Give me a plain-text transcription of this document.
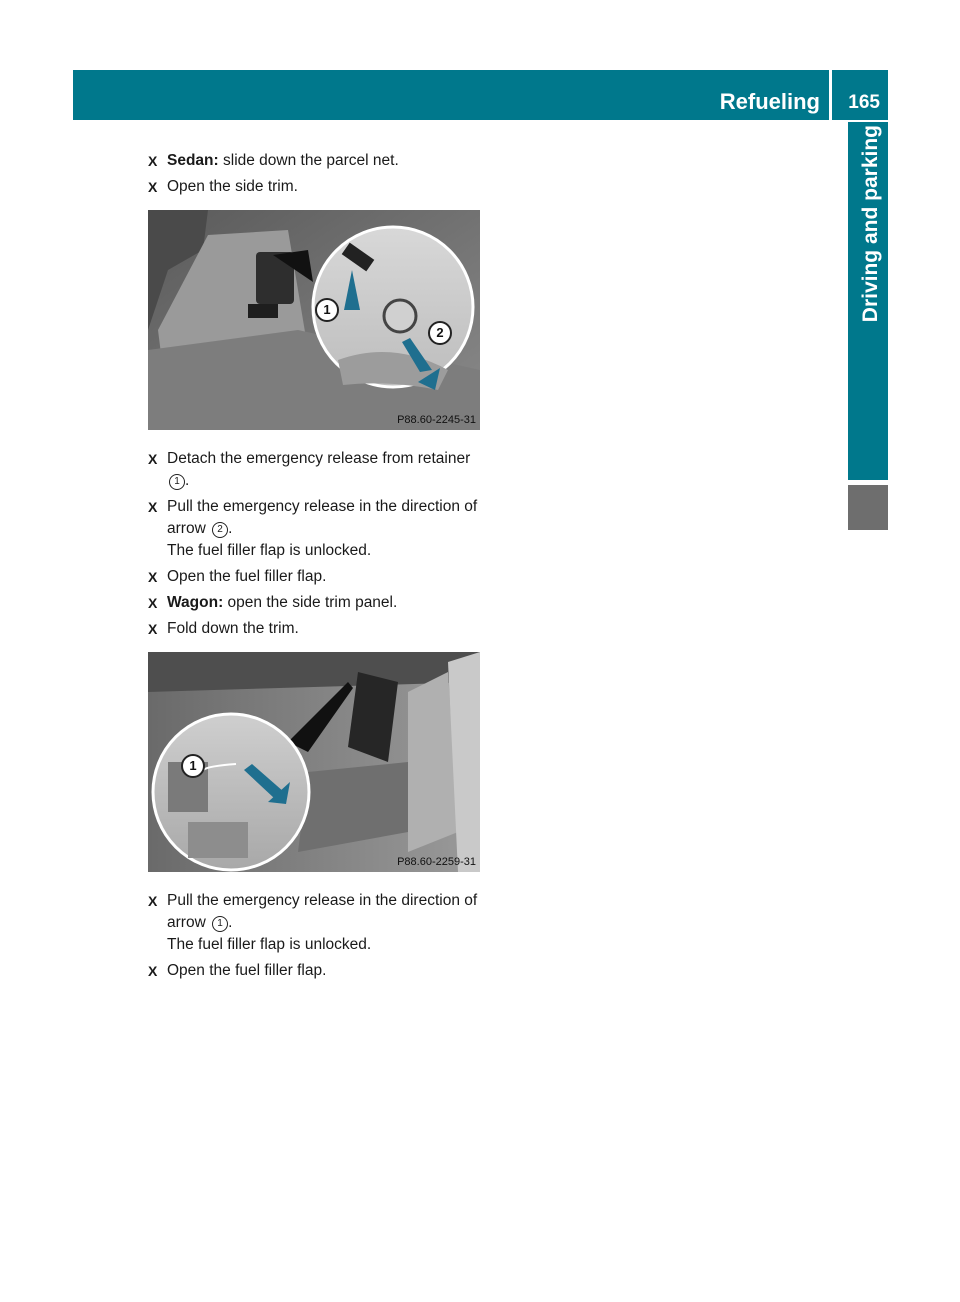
Refueling 165
Driving and parking
X Sedan: slide down the parcel net.
X Open the side trim.
1
2
P88.60-2245-31
X Detach the emergency release from retainer 1 .
X Pull the emergency release in the direction of arrow 2 .
The fuel filler flap is unlocked.
X Open the fuel filler flap.
X Wagon: open the side trim panel.
X Fold down the trim.
1
P88.60-2259-31
X Pull the emergency release in the direction of arrow 1 .
The fuel filler flap is unlocked.
X Open the fuel filler flap.
